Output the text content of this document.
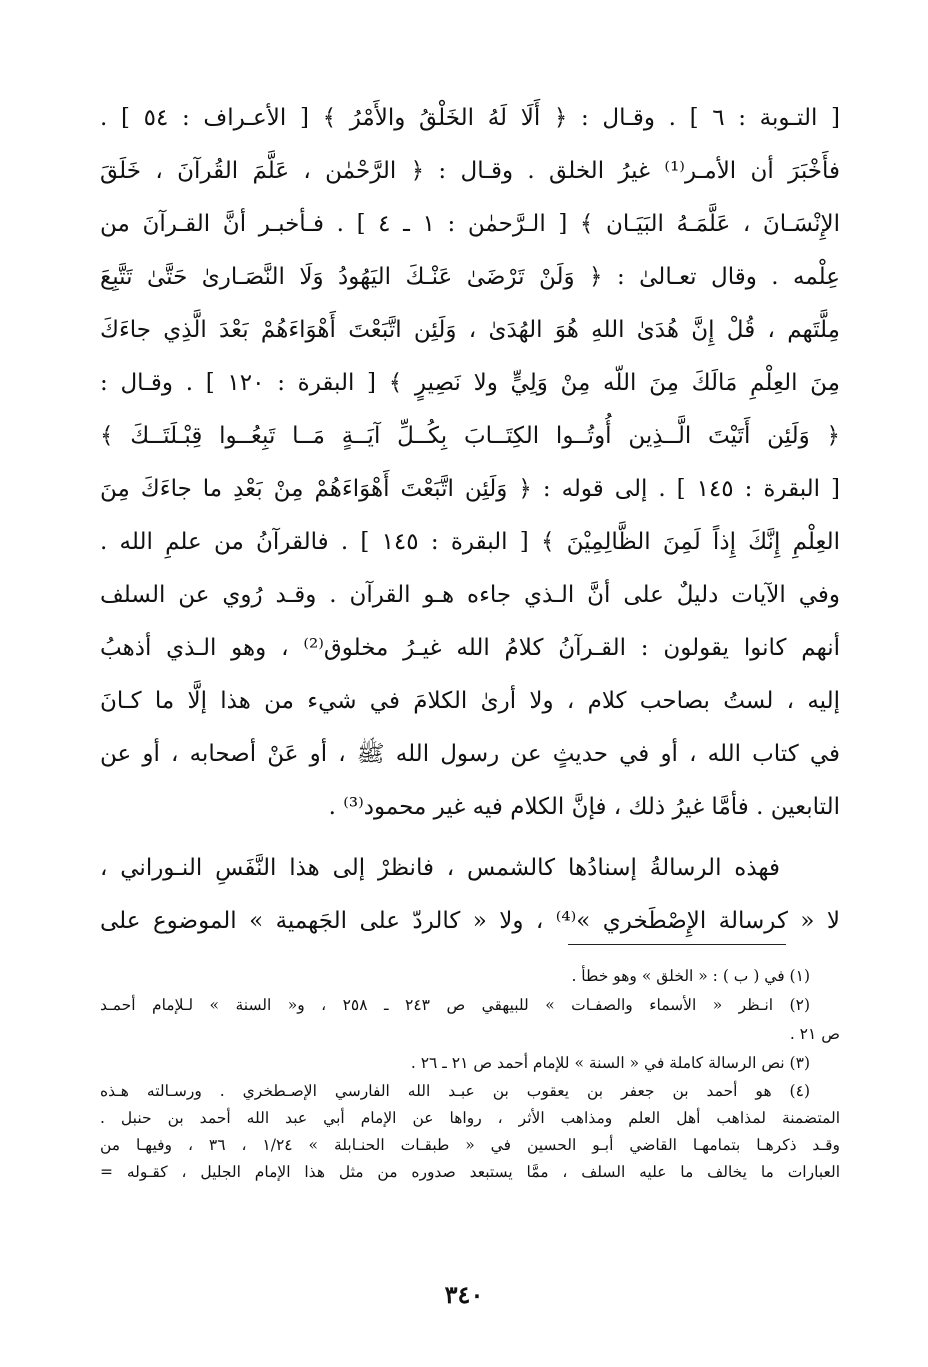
[ التـوبة : ٦ ] . وقـال : ﴿ أَلَا لَهُ الخَلْقُ والأَمْرُ ﴾ [ الأعـراف : ٥٤ ] .
فأَخْبَرَ أن الأمـر⁽¹⁾ غيرُ الخلق . وقـال : ﴿ الرَّحْمٰن ، عَلَّمَ القُرآنَ ، خَلَقَ
الإِنْسَـانَ ، عَلَّمَـهُ البَيَـان ﴾ [ الـرَّحمٰن : ١ ـ ٤ ] . فـأخبـر أنَّ القـرآنَ من
عِلْمه . وقال تعـالىٰ : ﴿ وَلَنْ تَرْضَىٰ عَنْـكَ اليَهُودُ وَلَا النَّصَـارىٰ حَتَّىٰ تَتَّبِعَ
مِلَّتَهم ، قُلْ إِنَّ هُدَىٰ اللهِ هُوَ الهُدَىٰ ، وَلَئِن اتَّبَعْتَ أَهْوَاءَهُمْ بَعْدَ الَّذِي جاءَكَ
مِنَ العِلْمِ مَالَكَ مِنَ اللّه مِنْ وَلِيٍّ ولا نَصِيرٍ ﴾ [ البقرة : ١٢٠ ] . وقـال :
﴿ وَلَئِن أَتَيْتَ الَّــذِين أُوتُــوا الكِتَــابَ بِكُــلِّ آيَــةٍ مَــا تَبِعُــوا قِبْـلَتَــكَ ﴾
[ البقرة : ١٤٥ ] . إلى قوله : ﴿ وَلَئِن اتَّبَعْتَ أَهْوَاءَهُمْ مِنْ بَعْدِ ما جاءَكَ مِنَ
العِلْمِ إِنَّكَ إِذاً لَمِنَ الظَّالِمِيْنَ ﴾ [ البقرة : ١٤٥ ] . فالقرآنُ من علمِ الله .
وفي الآيات دليلٌ على أنَّ الـذي جاءه هـو القرآن . وقـد رُوي عن السلف
أنهم كانوا يقولون : القـرآنُ كلامُ الله غيـرُ مخلوق⁽²⁾ ، وهو الـذي أذهبُ
إليه ، لستُ بصاحب كلام ، ولا أرىٰ الكلامَ في شيء من هذا إلَّا ما كـانَ
في كتاب الله ، أو في حديثٍ عن رسول الله ﷺ ، أو عَنْ أصحابه ، أو عن
التابعين . فأمَّا غيرُ ذلك ، فإنَّ الكلام فيه غير محمود⁽³⁾ .
فهذه الرسالةُ إسنادُها كالشمس ، فانظرْ إلى هذا النَّفَسِ النـوراني ،
لا « كرسالة الإِصْطَخري »⁽⁴⁾ ، ولا « كالردّ على الجَهمية » الموضوع على
(١) في ( ب ) : « الخلق » وهو خطأ .
(٢) انـظر « الأسماء والصفـات » للبيهقي ص ٢٤٣ ـ ٢٥٨ ، و« السنة » لـلإمام أحمـد
ص ٢١ .
(٣) نص الرسالة كاملة في « السنة » للإمام أحمد ص ٢١ ـ ٢٦ .
(٤) هو أحمد بن جعفر بن يعقوب بن عبـد الله الفارسي الإصـطخري . ورسـالته هـذه
المتضمنة لمذاهب أهل العلم ومذاهب الأثر ، رواها عن الإمام أبي عبد الله أحمد بن حنبل .
وقـد ذكرهـا بتمامهـا القاضي أبـو الحسين في « طبقـات الحنـابلة » ١/٢٤ ، ٣٦ ، وفيهـا من
العبارات ما يخالف ما عليه السلف ، ممَّا يستبعد صدوره من مثل هذا الإمام الجليل ، كقـوله =
٣٤٠
